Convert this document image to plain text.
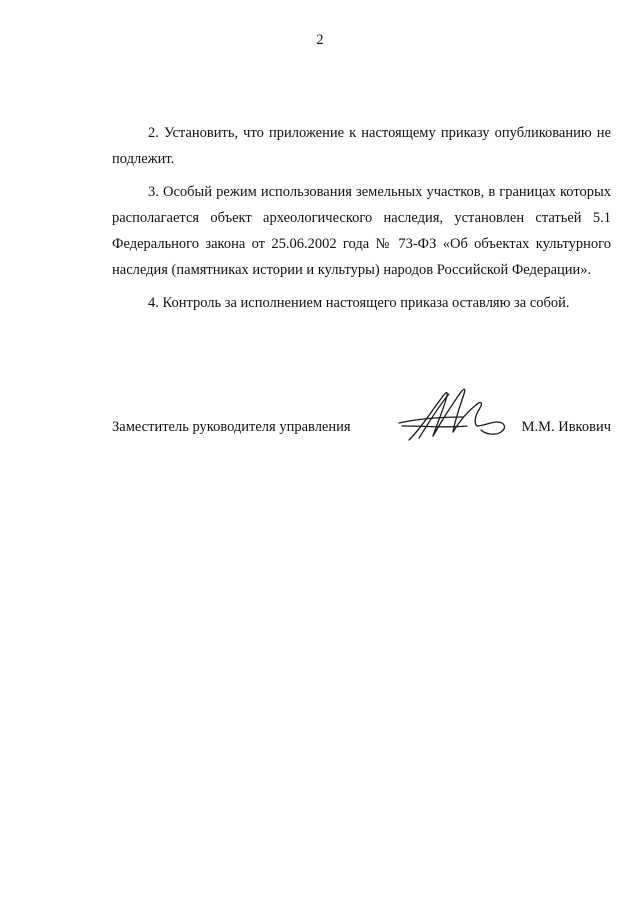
2

2. Установить, что приложение к настоящему приказу опубликованию не подлежит.

3. Особый режим использования земельных участков, в границах которых располагается объект археологического наследия, установлен статьей 5.1 Федерального закона от 25.06.2002 года № 73-ФЗ «Об объектах культурного наследия (памятниках истории и культуры) народов Российской Федерации».

4. Контроль за исполнением настоящего приказа оставляю за собой.

Заместитель руководителя управления	М.М. Ивкович
